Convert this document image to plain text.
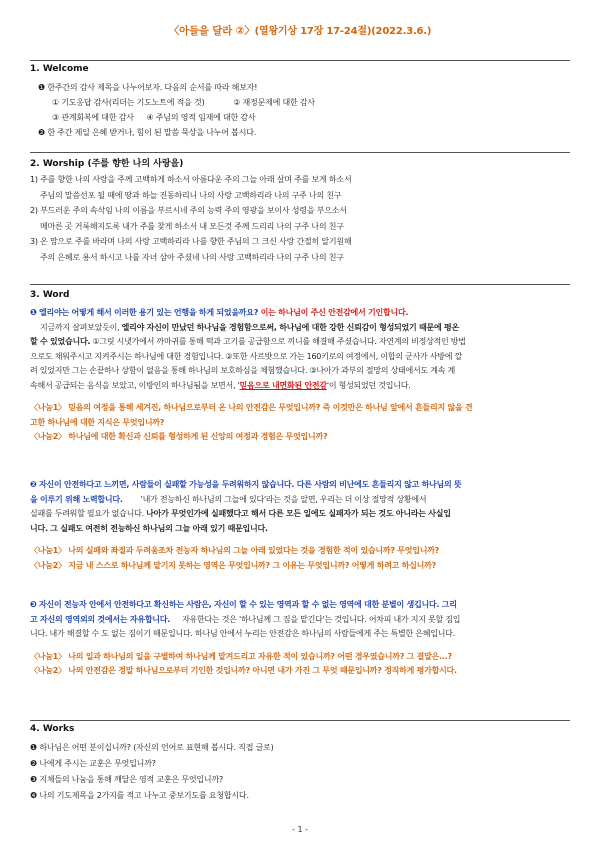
〈아들을 달라 ②〉(열왕기상 17장 17-24절)(2022.3.6.)
1. Welcome
❶ 한주간의 감사 제목을 나누어보자. 다음의 순서를 따라 해보자!
① 기도응답 감사(리더는 기도노트에 적을 것)	② 재정문제에 대한 감사
③ 관계회복에 대한 감사 ④ 주님의 영적 임재에 대한 감사
❷ 한 주간 제일 은혜 받거나, 힘이 된 말씀 묵상을 나누어 봅시다.
2. Worship (주를 향한 나의 사랑을)
1) 주를 향한 나의 사랑을 주께 고백하게 하소서 아름다운 주의 그늘 아래 살며 주를 보게 하소서
주님의 말씀선포 될 때에 땅과 하늘 진동하리니 나의 사랑 고백하리라 나의 구주 나의 친구
2) 부드러운 주의 속삭임 나의 이름을 부르시네 주의 능력 주의 영광을 보이사 성령을 부으소서
메마른 곳 거룩해지도록 내가 주를 찾게 하소서 내 모든것 주께 드리리 나의 구주 나의 친구
3) 온 맘으로 주를 바라며 나의 사랑 고백하리라 나를 향한 주님의 그 크신 사랑 간절히 알기원해
주의 은혜로 용서 하시고 나를 자녀 삼아 주셨네 나의 사랑 고백하리라 나의 구주 나의 친구
3. Word
❶ 엘리야는 어떻게 해서 이러한 용기 있는 언행을 하게 되었을까요? 이는 하나님이 주신 안전감에서 기인합니다.
지금까지 살펴보았듯이, 엘리야 자신이 만났던 하나님을 경험함으로써, 하나님에 대한 강한 신뢰감이 형성되었기 때문에 평온
할 수 있었습니다. ①그릿 시냇가에서 까마귀를 통해 떡과 고기를 공급함으로 끼니를 해결해 주셨습니다. 자연계의 비정상적인 방법
으로도 채워주시고 지켜주시는 하나님에 대한 경험입니다. ②또한 사르밧으로 가는 160키로의 여정에서, 이합의 군사가 사방에 깔
려 있었지만 그는 손끝하나 상함이 없음을 통해 하나님의 보호하심을 체험했습니다. ③나아가 과부의 절망의 상태에서도 계속 계
속해서 공급되는 음식을 보았고, 이방인의 하나님됨을 보면서, '믿음으로 내면화된 안전감'이 형성되었던 것입니다.
〈나눔1〉 믿음의 여정을 통해 세겨진, 하나님으로부터 온 나의 안전감은 무엇입니까? 즉 이것만은 하나님 앞에서 흔들리지 않을 견
고한 하나님에 대한 지식은 무엇입니까?
〈나눔2〉 하나님에 대한 확신과 신뢰를 형성하게 된 신앙의 여정과 경험은 무엇입니까?
❷ 자신이 안전하다고 느끼면, 사람들이 실패할 가능성을 두려워하지 않습니다. 다른 사람의 비난에도 흔들리지 않고 하나님의 뜻
을 이루기 위해 노력합니다. '내가 전능하신 하나님의 그늘에 있다'라는 것을 알면, 우리는 더 이상 절망적 상황에서
실패를 두려워할 필요가 없습니다. 나아가 무엇인가에 실패했다고 해서 다른 모든 일에도 실패자가 되는 것도 아니라는 사실입
니다. 그 실패도 여전히 전능하신 하나님의 그늘 아래 있기 때문입니다.
〈나눔1〉 나의 실패와 좌절과 두려움조차 전능자 하나님의 그늘 아래 있었다는 것을 경험한 적이 있습니까? 무엇입니까?
〈나눔2〉 지금 내 스스로 하나님께 맡기지 못하는 영역은 무엇입니까? 그 이유는 무엇입니까? 어떻게 하려고 하십니까?
❸ 자신이 전능자 안에서 안전하다고 확신하는 사람은, 자신이 할 수 있는 영역과 할 수 없는 영역에 대한 분별이 생깁니다. 그리
고 자신의 영역외의 것에서는 자유합니다. 자유한다는 것은 '하나님께 그 짐을 맡긴다'는 것입니다. 어차피 내가 지지 못할 짐입
니다. 내가 해결할 수 도 없는 짐이기 때문입니다. 하나님 안에서 누리는 안전감은 하나님의 사람들에게 주는 특별한 은혜입니다.
〈나눔1〉 나의 일과 하나님의 일을 구별하여 하나님께 맡겨드리고 자유한 적이 있습니까? 어떤 경우였습니까? 그 결말은...?
〈나눔2〉 나의 안전감은 정말 하나님으로부터 기인한 것입니까? 아니면 내가 가진 그 무엇 때문입니까? 정직하게 평가합시다.
4. Works
❶ 하나님은 어떤 분이십니까? (자신의 언어로 표현해 봅시다. 직접 글로)
❷ 나에게 주시는 교훈은 무엇입니까?
❸ 지체들의 나눔을 통해 깨달은 영적 교훈은 무엇입니까?
❹ 나의 기도제목을 2가지를 적고 나누고 중보기도를 요청합시다.
- 1 -
